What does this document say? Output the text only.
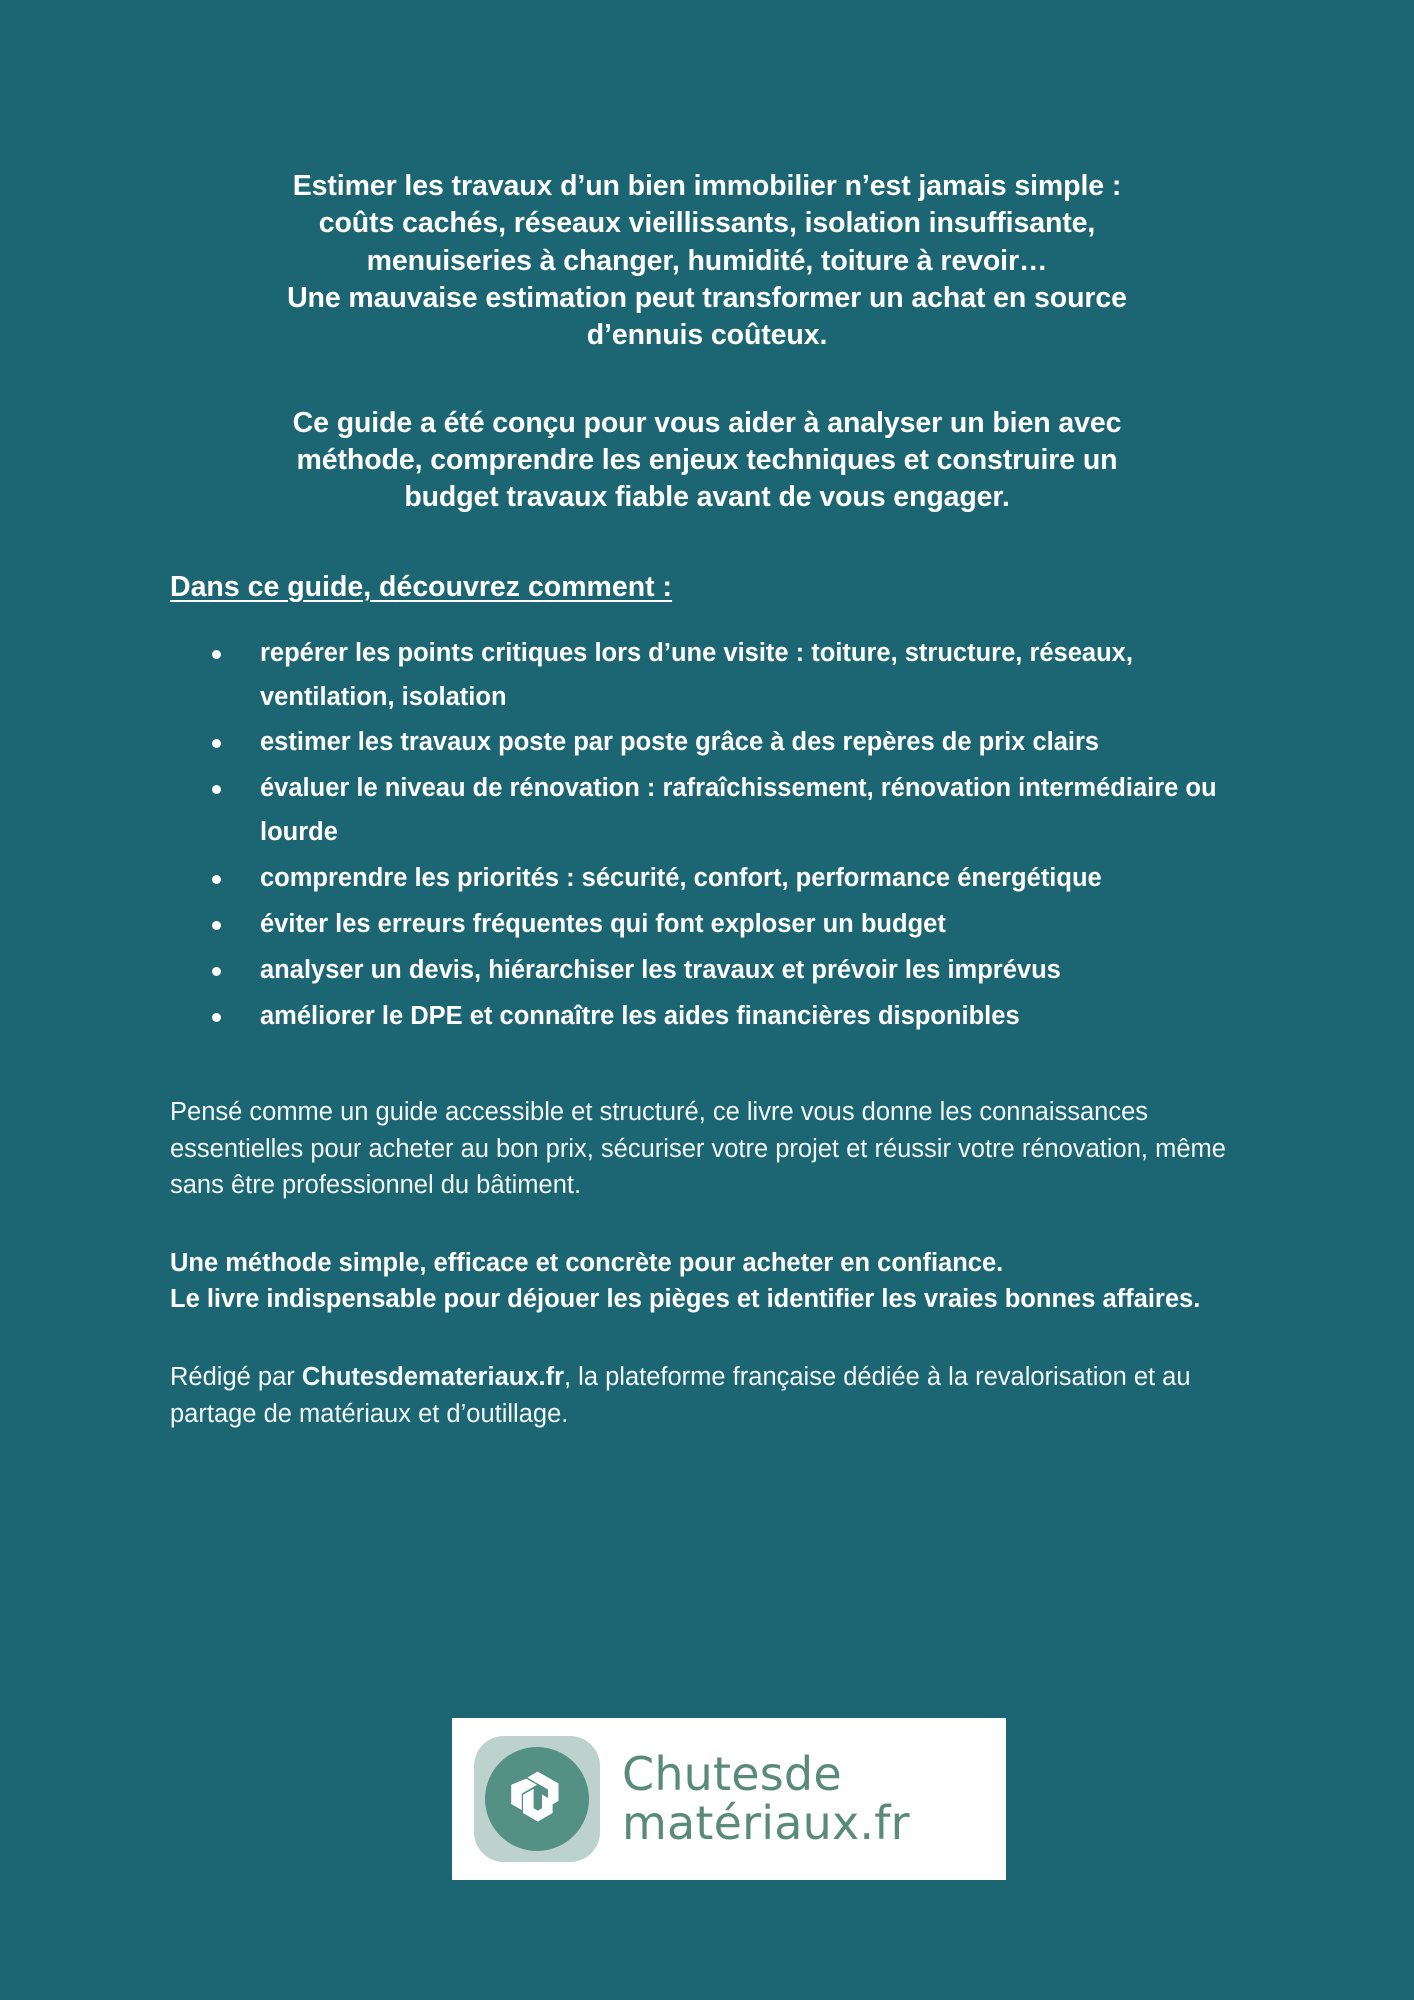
Estimer les travaux d’un bien immobilier n’est jamais simple :
coûts cachés, réseaux vieillissants, isolation insuffisante,
menuiseries à changer, humidité, toiture à revoir…
Une mauvaise estimation peut transformer un achat en source
d’ennuis coûteux.
Ce guide a été conçu pour vous aider à analyser un bien avec
méthode, comprendre les enjeux techniques et construire un
budget travaux fiable avant de vous engager.
Dans ce guide, découvrez comment :
repérer les points critiques lors d’une visite : toiture, structure, réseaux, ventilation, isolation
estimer les travaux poste par poste grâce à des repères de prix clairs
évaluer le niveau de rénovation : rafraîchissement, rénovation intermédiaire ou lourde
comprendre les priorités : sécurité, confort, performance énergétique
éviter les erreurs fréquentes qui font exploser un budget
analyser un devis, hiérarchiser les travaux et prévoir les imprévus
améliorer le DPE et connaître les aides financières disponibles

Pensé comme un guide accessible et structuré, ce livre vous donne les connaissances essentielles pour acheter au bon prix, sécuriser votre projet et réussir votre rénovation, même sans être professionnel du bâtiment.

Une méthode simple, efficace et concrète pour acheter en confiance.
Le livre indispensable pour déjouer les pièges et identifier les vraies bonnes affaires.

Rédigé par Chutesdemateriaux.fr, la plateforme française dédiée à la revalorisation et au partage de matériaux et d’outillage.

Chutesde
matériaux.fr
